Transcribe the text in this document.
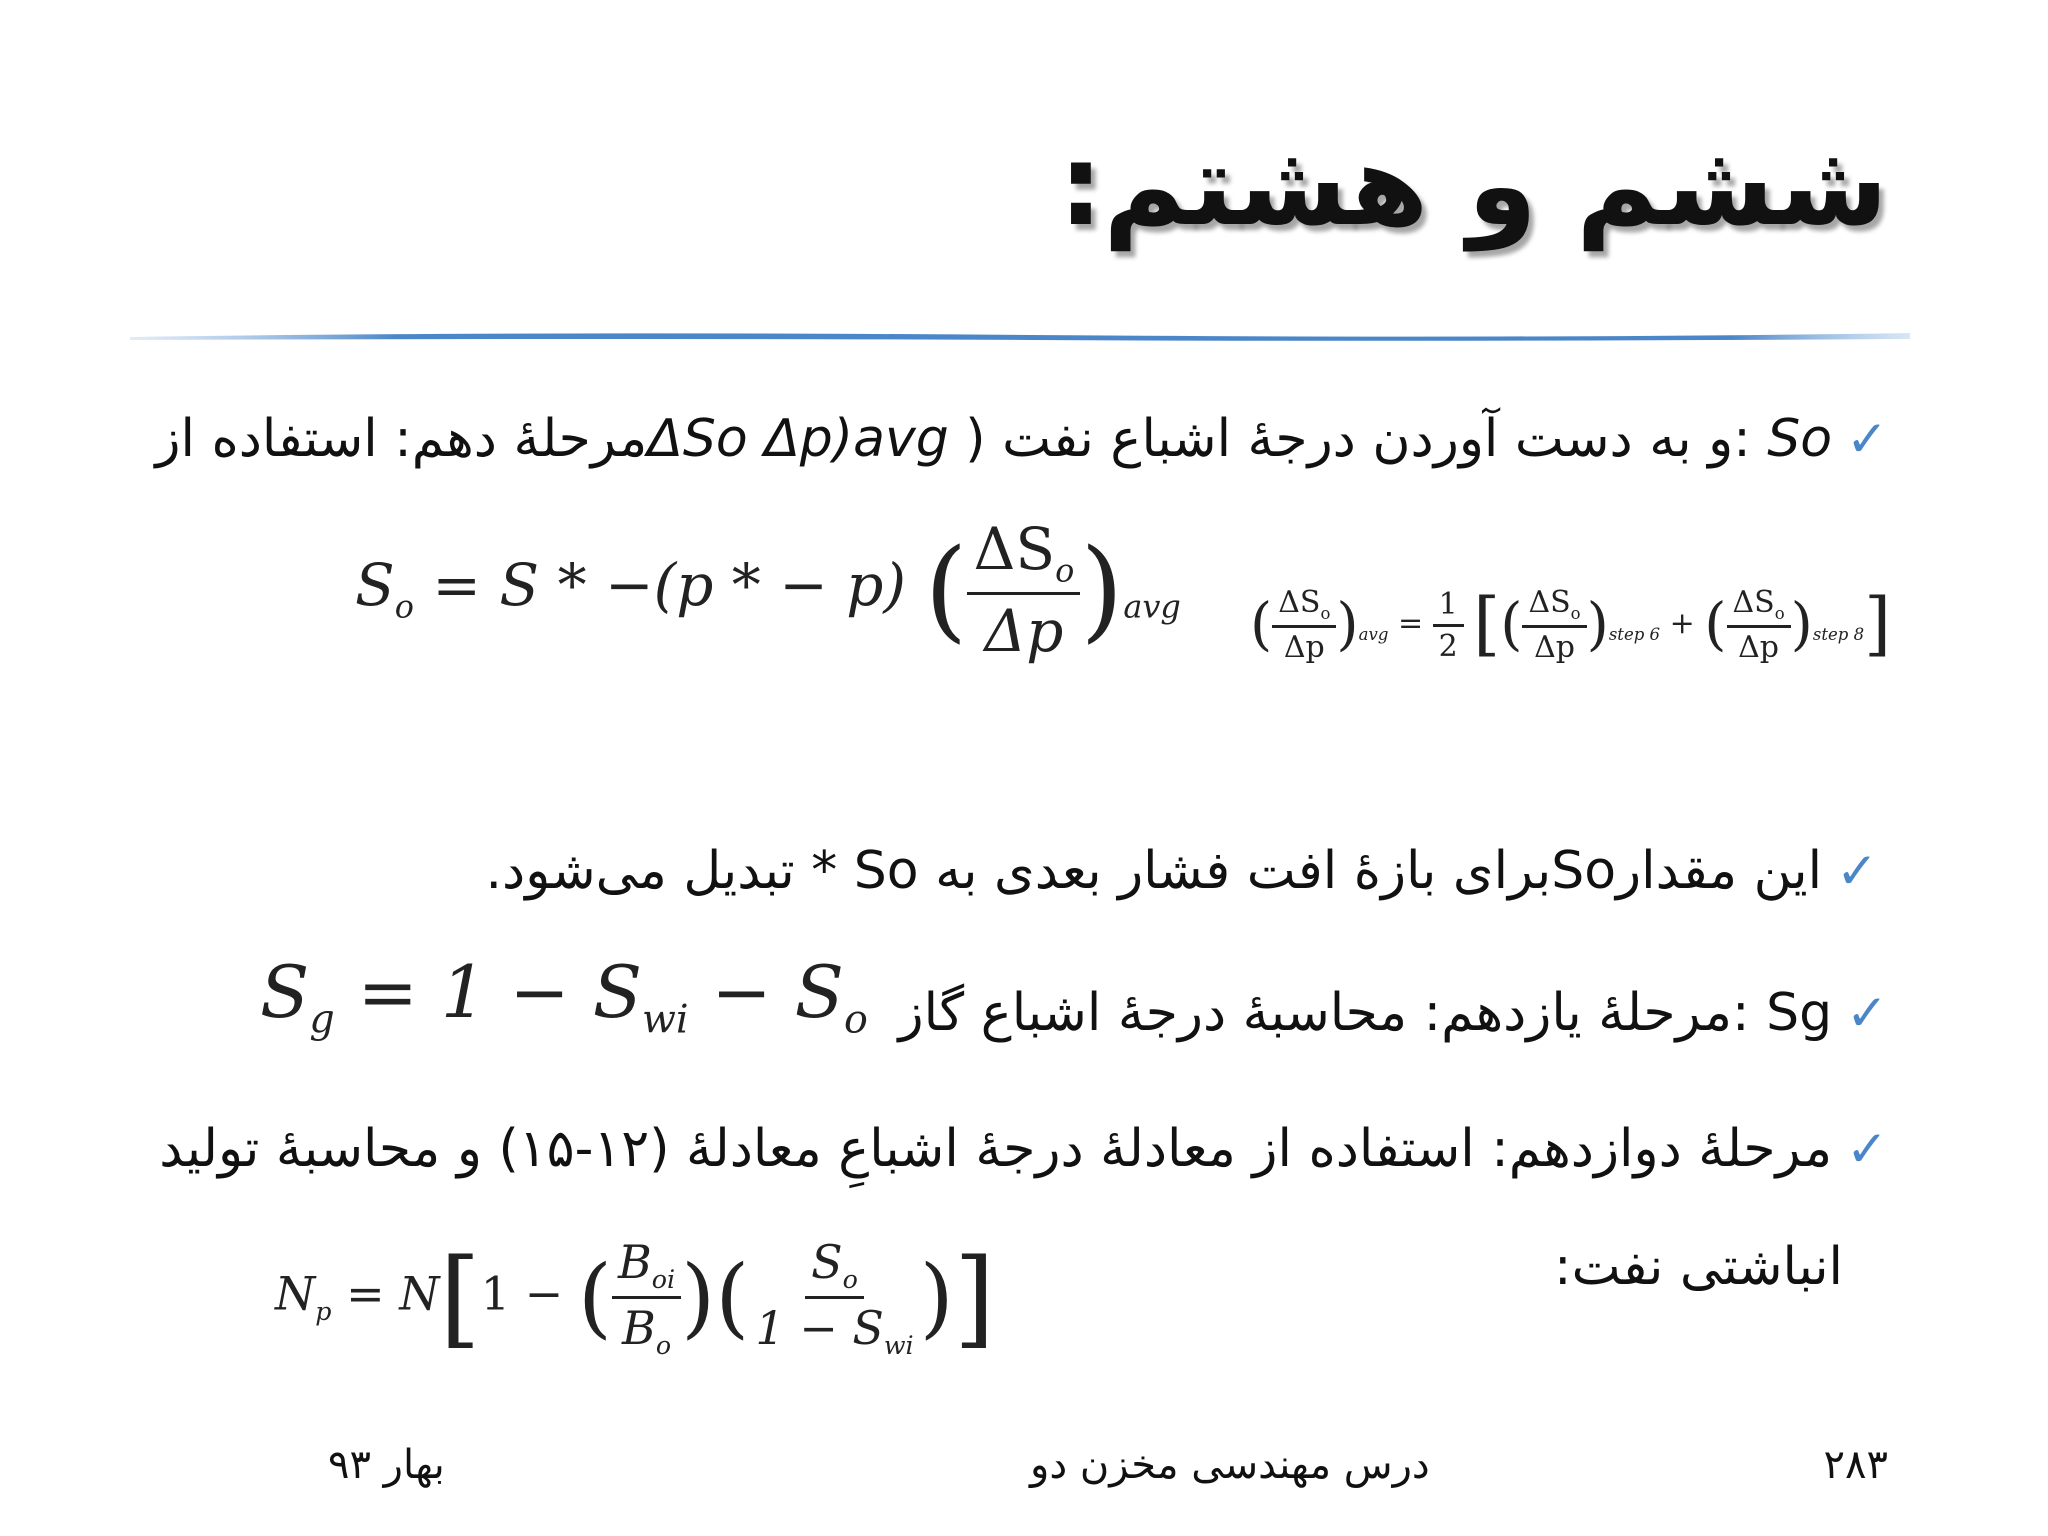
ششم و هشتم:
✓So :و به دست آوردن درجهٔ اشباع نفت ( ΔSo Δp)avgمرحلهٔ دهم: استفاده از
$S_o = S * -(p$ * − p) ( $\frac{\Delta S_o}{\Delta p} )_{avg}$ ( $\frac{\Delta S_o}{\Delta p} )_{avg} = \frac{1}{2}$ [( $\frac{\Delta S_o}{\Delta p} )_{step 6}$ + ( $\frac{\Delta S_o}{\Delta p} )_{step 8}$]
✓این مقدارSoبرای بازهٔ افت فشار بعدی به So * تبدیل می‌شود.
$S_g = 1 - S_{wi} - S_o$	✓Sg :مرحلهٔ یازدهم: محاسبهٔ درجهٔ اشباع گاز
✓مرحلهٔ دوازدهم: استفاده از معادلهٔ درجهٔ اشباعِ معادلهٔ (۱۲-۱۵) و محاسبهٔ تولید
انباشتی نفت:
$N_p = N[1$ − ( $\frac{B_{oi}}{B_o}$ )( $\frac{S_o}{1 - S_{wi}}$ )]
۲۸۳
درس مهندسی مخزن دو
بهار ۹۳
